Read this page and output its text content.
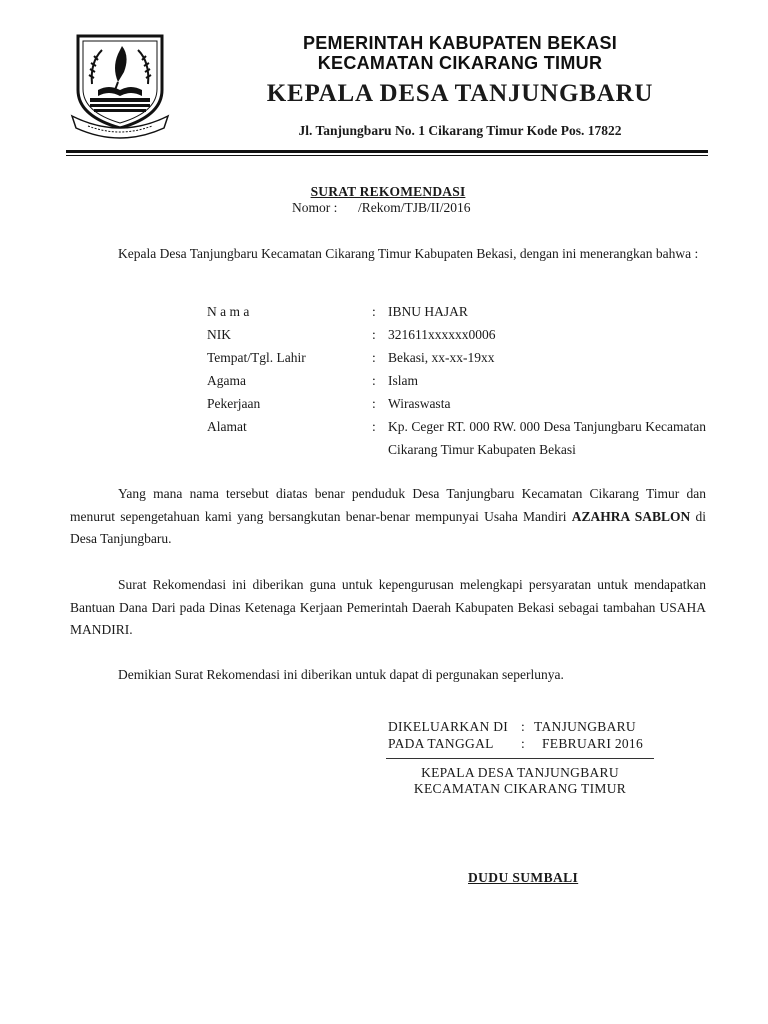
PEMERINTAH KABUPATEN BEKASI
KECAMATAN CIKARANG TIMUR
KEPALA DESA TANJUNGBARU
Jl. Tanjungbaru No. 1 Cikarang Timur Kode Pos. 17822
SURAT REKOMENDASI
Nomor : /Rekom/TJB/II/2016
Kepala Desa Tanjungbaru Kecamatan Cikarang Timur Kabupaten Bekasi, dengan ini menerangkan bahwa :
N a m a	: IBNU HAJAR
NIK	: 321611xxxxxx0006
Tempat/Tgl. Lahir	: Bekasi, xx-xx-19xx
Agama	: Islam
Pekerjaan	: Wiraswasta
Alamat	: Kp. Ceger RT. 000 RW. 000 Desa Tanjungbaru Kecamatan Cikarang Timur Kabupaten Bekasi
Yang mana nama tersebut diatas benar penduduk Desa Tanjungbaru Kecamatan Cikarang Timur dan menurut sepengetahuan kami yang bersangkutan benar-benar mempunyai Usaha Mandiri AZAHRA SABLON di Desa Tanjungbaru.
Surat Rekomendasi ini diberikan guna untuk kepengurusan melengkapi persyaratan untuk mendapatkan Bantuan Dana Dari pada Dinas Ketenaga Kerjaan Pemerintah Daerah Kabupaten Bekasi sebagai tambahan USAHA MANDIRI.
Demikian Surat Rekomendasi ini diberikan untuk dapat di pergunakan seperlunya.
DIKELUARKAN DI : TANJUNGBARU
PADA TANGGAL : FEBRUARI 2016
KEPALA DESA TANJUNGBARU
KECAMATAN CIKARANG TIMUR
DUDU SUMBALI
